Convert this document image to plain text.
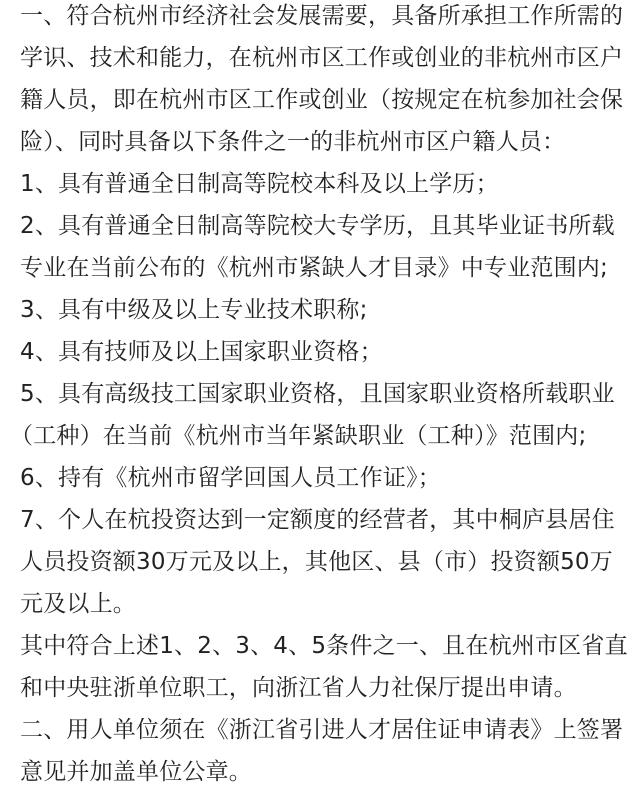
一、符合杭州市经济社会发展需要，具备所承担工作所需的
学识、技术和能力，在杭州市区工作或创业的非杭州市区户
籍人员，即在杭州市区工作或创业（按规定在杭参加社会保
险）、同时具备以下条件之一的非杭州市区户籍人员：
1、具有普通全日制高等院校本科及以上学历；
2、具有普通全日制高等院校大专学历，且其毕业证书所载
专业在当前公布的《杭州市紧缺人才目录》中专业范围内;
3、具有中级及以上专业技术职称;
4、具有技师及以上国家职业资格；
5、具有高级技工国家职业资格，且国家职业资格所载职业
（工种）在当前《杭州市当年紧缺职业（工种）》范围内;
6、持有《杭州市留学回国人员工作证》；
7、个人在杭投资达到一定额度的经营者，其中桐庐县居住
人员投资额30万元及以上，其他区、县（市）投资额50万
元及以上。
其中符合上述1、2、3、4、5条件之一、且在杭州市区省直
和中央驻浙单位职工，向浙江省人力社保厅提出申请。
二、用人单位须在《浙江省引进人才居住证申请表》上签署
意见并加盖单位公章。
